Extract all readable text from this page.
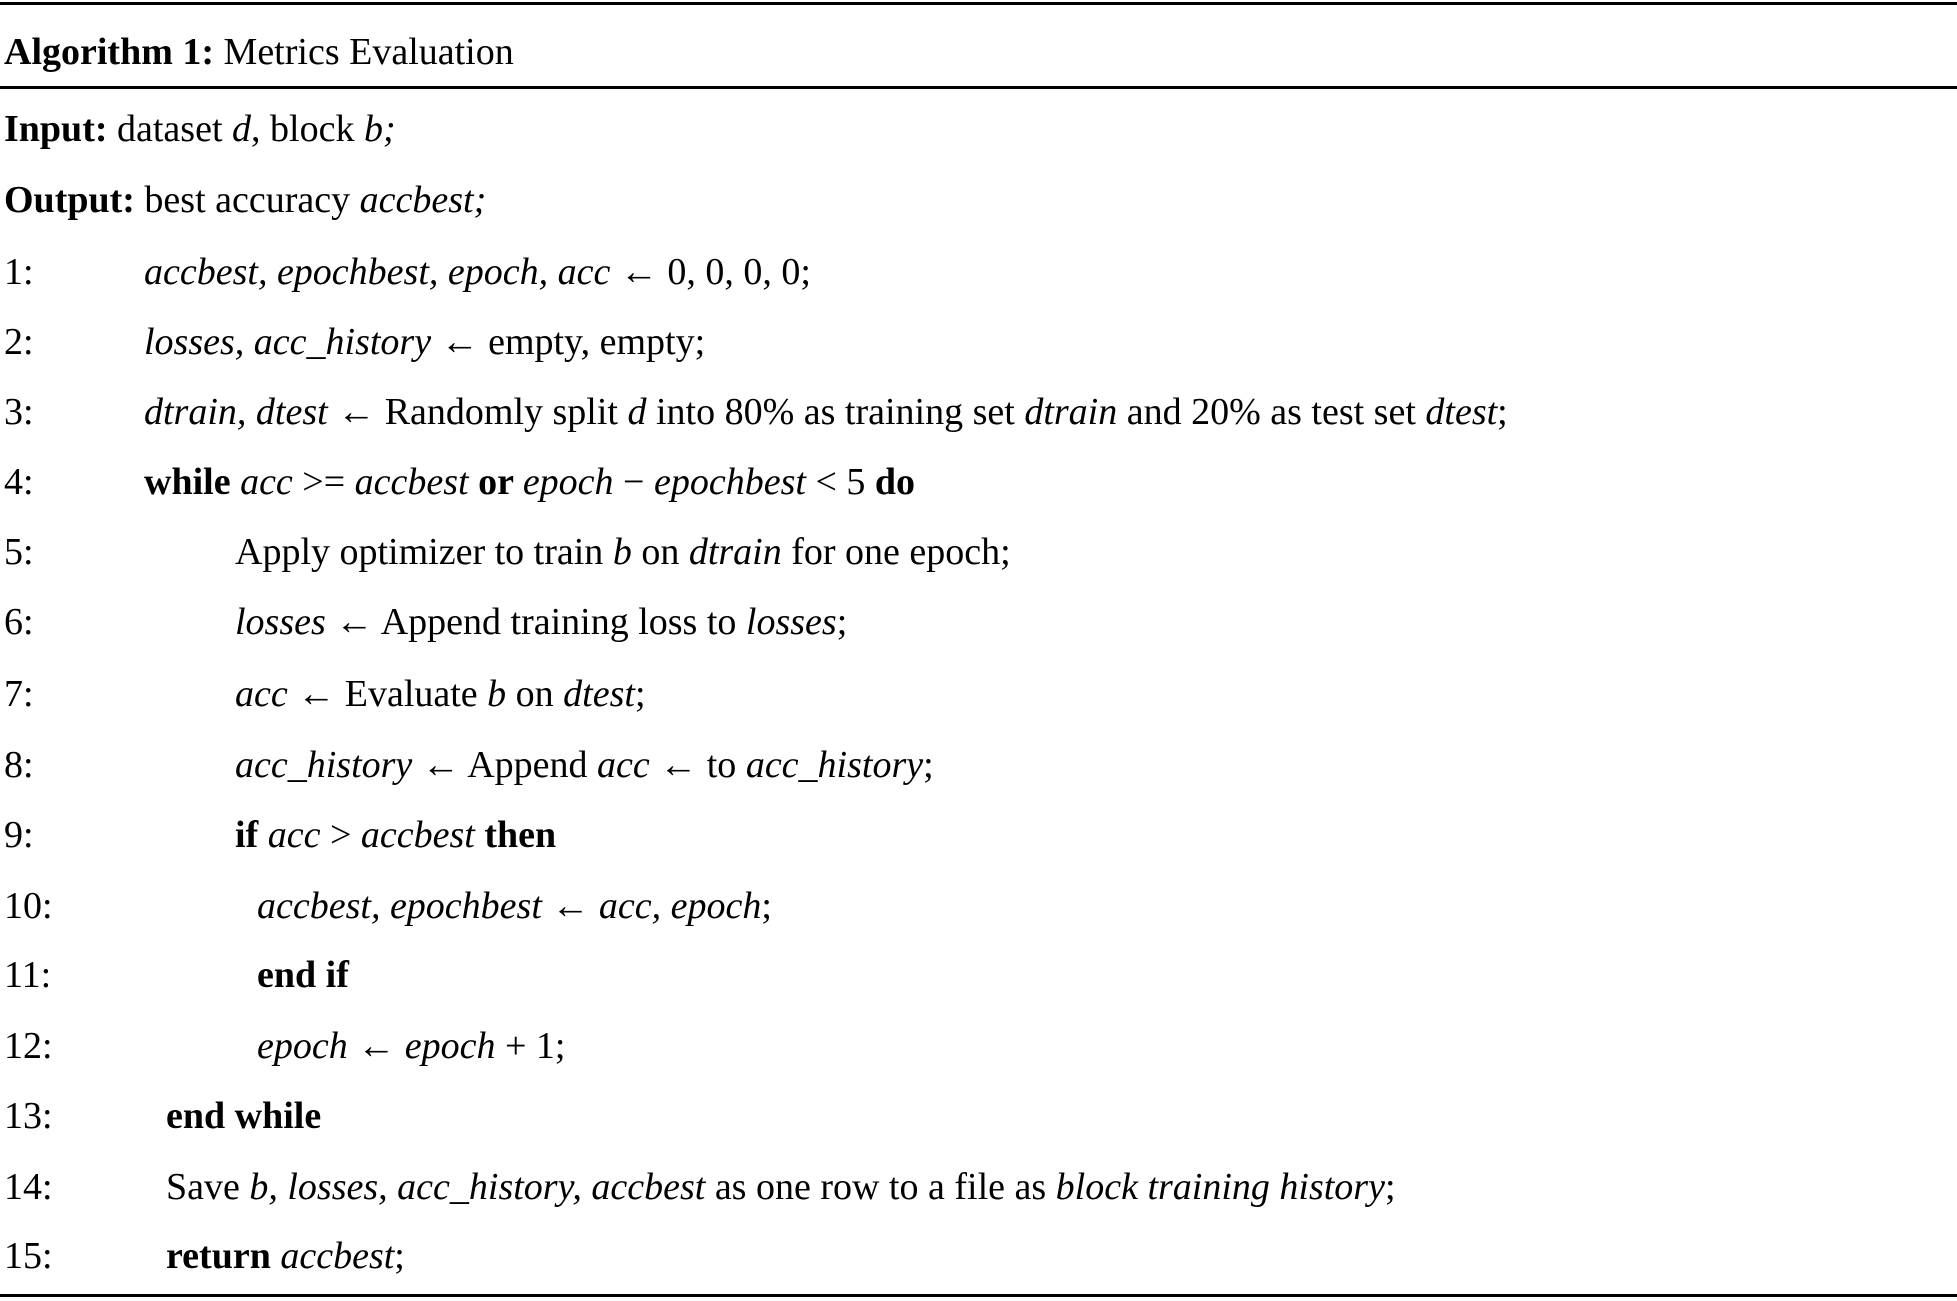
Algorithm 1: Metrics Evaluation
Input: dataset d, block b;
Output: best accuracy accbest;
1:	accbest, epochbest, epoch, acc ← 0, 0, 0, 0;
2:	losses, acc_history ← empty, empty;
3:	dtrain, dtest ← Randomly split d into 80% as training set dtrain and 20% as test set dtest;
4:	while acc >= accbest or epoch − epochbest < 5 do
5:	Apply optimizer to train b on dtrain for one epoch;
6:	losses ← Append training loss to losses;
7:	acc ← Evaluate b on dtest;
8:	acc_history ← Append acc ← to acc_history;
9:	if acc > accbest then
10:	accbest, epochbest ← acc, epoch;
11:	end if
12:	epoch ← epoch + 1;
13:	end while
14:	Save b, losses, acc_history, accbest as one row to a file as block training history;
15:	return accbest;
